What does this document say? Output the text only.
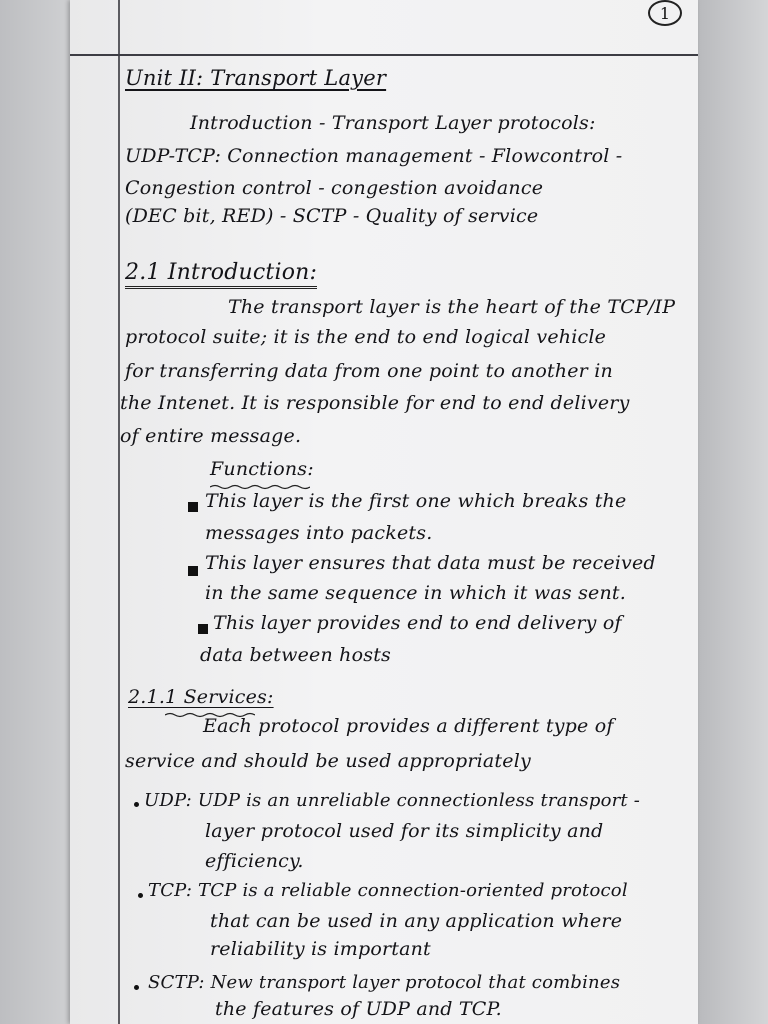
1
Unit II: Transport Layer
Introduction - Transport Layer protocols:
UDP-TCP: Connection management - Flowcontrol -
Congestion control - congestion avoidance
(DEC bit, RED) - SCTP - Quality of service
2.1 Introduction:
The transport layer is the heart of the TCP/IP
protocol suite; it is the end to end logical vehicle
for transferring data from one point to another in
the Intenet. It is responsible for end to end delivery
of entire message.
Functions:
This layer is the first one which breaks the
messages into packets.
This layer ensures that data must be received
in the same sequence in which it was sent.
This layer provides end to end delivery of
data between hosts
2.1.1 Services:
Each protocol provides a different type of
service and should be used appropriately
UDP: UDP is an unreliable connectionless transport -
layer protocol used for its simplicity and
efficiency.
TCP: TCP is a reliable connection-oriented protocol
that can be used in any application where
reliability is important
SCTP: New transport layer protocol that combines
the features of UDP and TCP.
